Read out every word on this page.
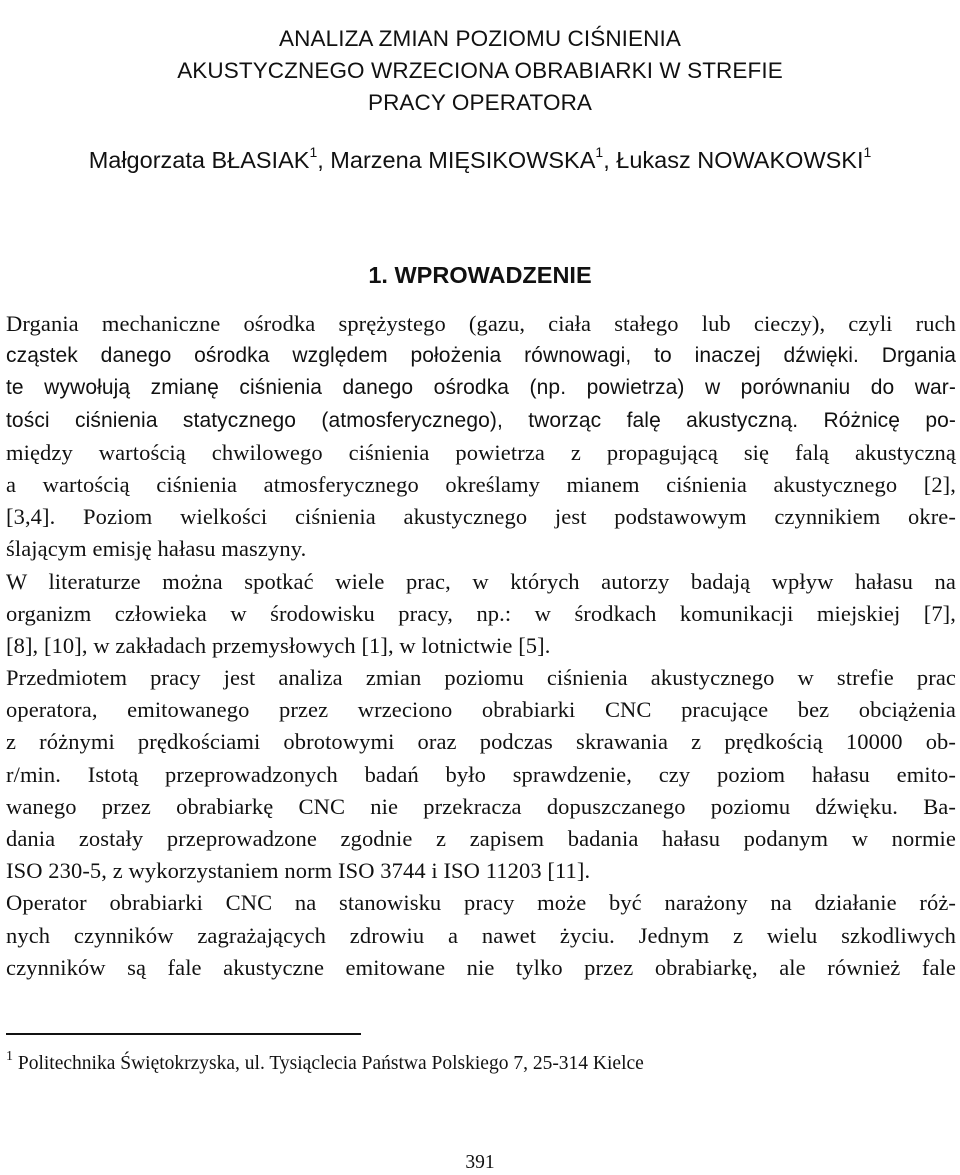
ANALIZA ZMIAN POZIOMU CIŚNIENIA
AKUSTYCZNEGO WRZECIONA OBRABIARKI W STREFIE
PRACY OPERATORA
Małgorzata BŁASIAK$^1$, Marzena MIĘSIKOWSKA$^1$, Łukasz NOWAKOWSKI$^1$
1. WPROWADZENIE

Drgania mechaniczne ośrodka sprężystego (gazu, ciała stałego lub cieczy), czyli ruch
cząstek danego ośrodka względem położenia równowagi, to inaczej dźwięki. Drgania
te wywołują zmianę ciśnienia danego ośrodka (np. powietrza) w porównaniu do war-
tości ciśnienia statycznego (atmosferycznego), tworząc falę akustyczną. Różnicę po-
między wartością chwilowego ciśnienia powietrza z propagującą się falą akustyczną
a wartością ciśnienia atmosferycznego określamy mianem ciśnienia akustycznego [2],
[3,4]. Poziom wielkości ciśnienia akustycznego jest podstawowym czynnikiem okre-
ślającym emisję hałasu maszyny.

W literaturze można spotkać wiele prac, w których autorzy badają wpływ hałasu na
organizm człowieka w środowisku pracy, np.: w środkach komunikacji miejskiej [7],
[8], [10], w zakładach przemysłowych [1], w lotnictwie [5].

Przedmiotem pracy jest analiza zmian poziomu ciśnienia akustycznego w strefie prac
operatora, emitowanego przez wrzeciono obrabiarki CNC pracujące bez obciążenia
z różnymi prędkościami obrotowymi oraz podczas skrawania z prędkością 10000 ob-
r/min. Istotą przeprowadzonych badań było sprawdzenie, czy poziom hałasu emito-
wanego przez obrabiarkę CNC nie przekracza dopuszczanego poziomu dźwięku. Ba-
dania zostały przeprowadzone zgodnie z zapisem badania hałasu podanym w normie
ISO 230-5, z wykorzystaniem norm ISO 3744 i ISO 11203 [11].

Operator obrabiarki CNC na stanowisku pracy może być narażony na działanie róż-
nych czynników zagrażających zdrowiu a nawet życiu. Jednym z wielu szkodliwych
czynników są fale akustyczne emitowane nie tylko przez obrabiarkę, ale również fale

$^1$ Politechnika Świętokrzyska, ul. Tysiąclecia Państwa Polskiego 7, 25-314 Kielce
391
